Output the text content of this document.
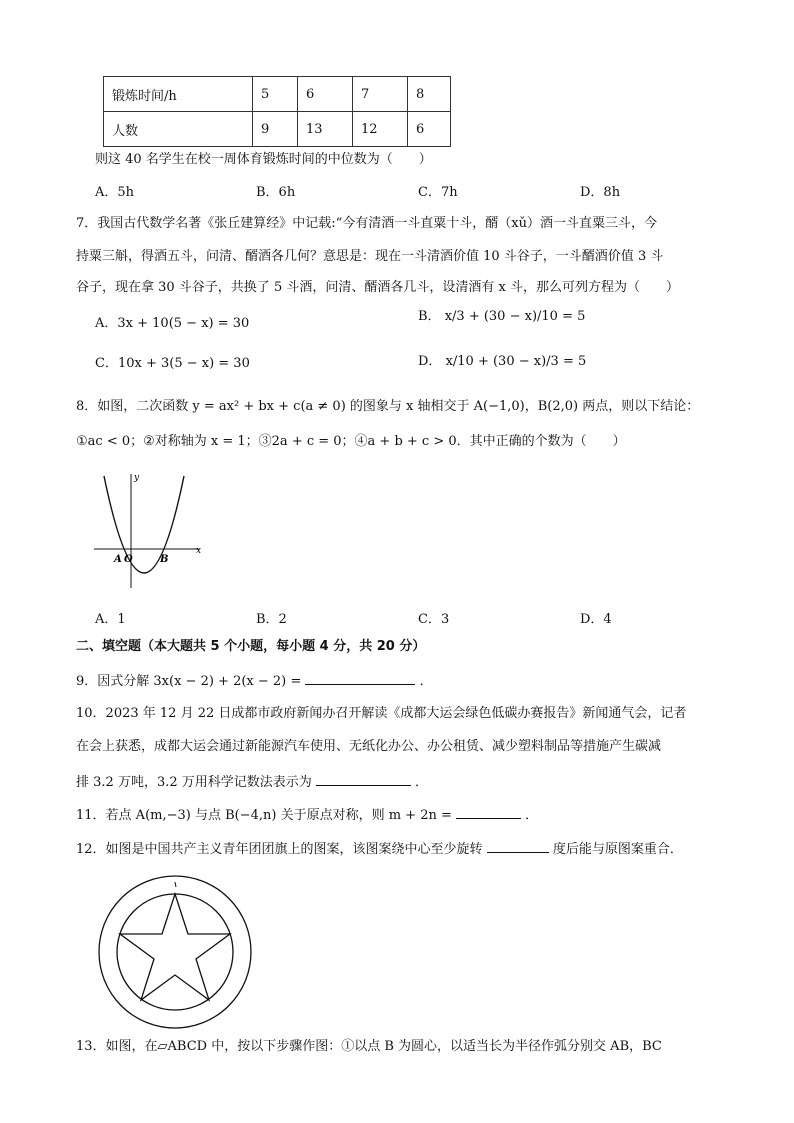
锻炼时间/h	5	6	7	8
人数	9	13	12	6
则这 40 名学生在校一周体育锻炼时间的中位数为（　　）
A．5h	B．6h	C．7h	D．8h
7．我国古代数学名著《张丘建算经》中记载:“今有清酒一斗直粟十斗，醑（xǔ）酒一斗直粟三斗，今
持粟三斛，得酒五斗，问清、醑酒各几何？意思是：现在一斗清酒价值 10 斗谷子，一斗醑酒价值 3 斗
谷子，现在拿 30 斗谷子，共换了 5 斗酒，问清、醑酒各几斗，设清酒有 x 斗，那么可列方程为（　　）
A．3x + 10(5 − x) = 30	B． x/3 + (30 − x)/10 = 5
C．10x + 3(5 − x) = 30	D． x/10 + (30 − x)/3 = 5
8．如图，二次函数 y = ax² + bx + c(a ≠ 0) 的图象与 x 轴相交于 A(−1,0)，B(2,0) 两点，则以下结论：
①ac < 0；②对称轴为 x = 1；③2a + c = 0；④a + b + c > 0．其中正确的个数为（　　）
y
x
A O	B
A．1	B．2	C．3	D．4
二、填空题（本大题共 5 个小题，每小题 4 分，共 20 分）
9．因式分解 3x(x − 2) + 2(x − 2) =	．
10．2023 年 12 月 22 日成都市政府新闻办召开解读《成都大运会绿色低碳办赛报告》新闻通气会，记者
在会上获悉，成都大运会通过新能源汽车使用、无纸化办公、办公租赁、减少塑料制品等措施产生碳减
排 3.2 万吨，3.2 万用科学记数法表示为	．
11．若点 A(m,−3) 与点 B(−4,n) 关于原点对称，则 m + 2n =	．
12．如图是中国共产主义青年团团旗上的图案，该图案绕中心至少旋转	度后能与原图案重合．
13．如图，在▱ABCD 中，按以下步骤作图：①以点 B 为圆心，以适当长为半径作弧分别交 AB，BC
